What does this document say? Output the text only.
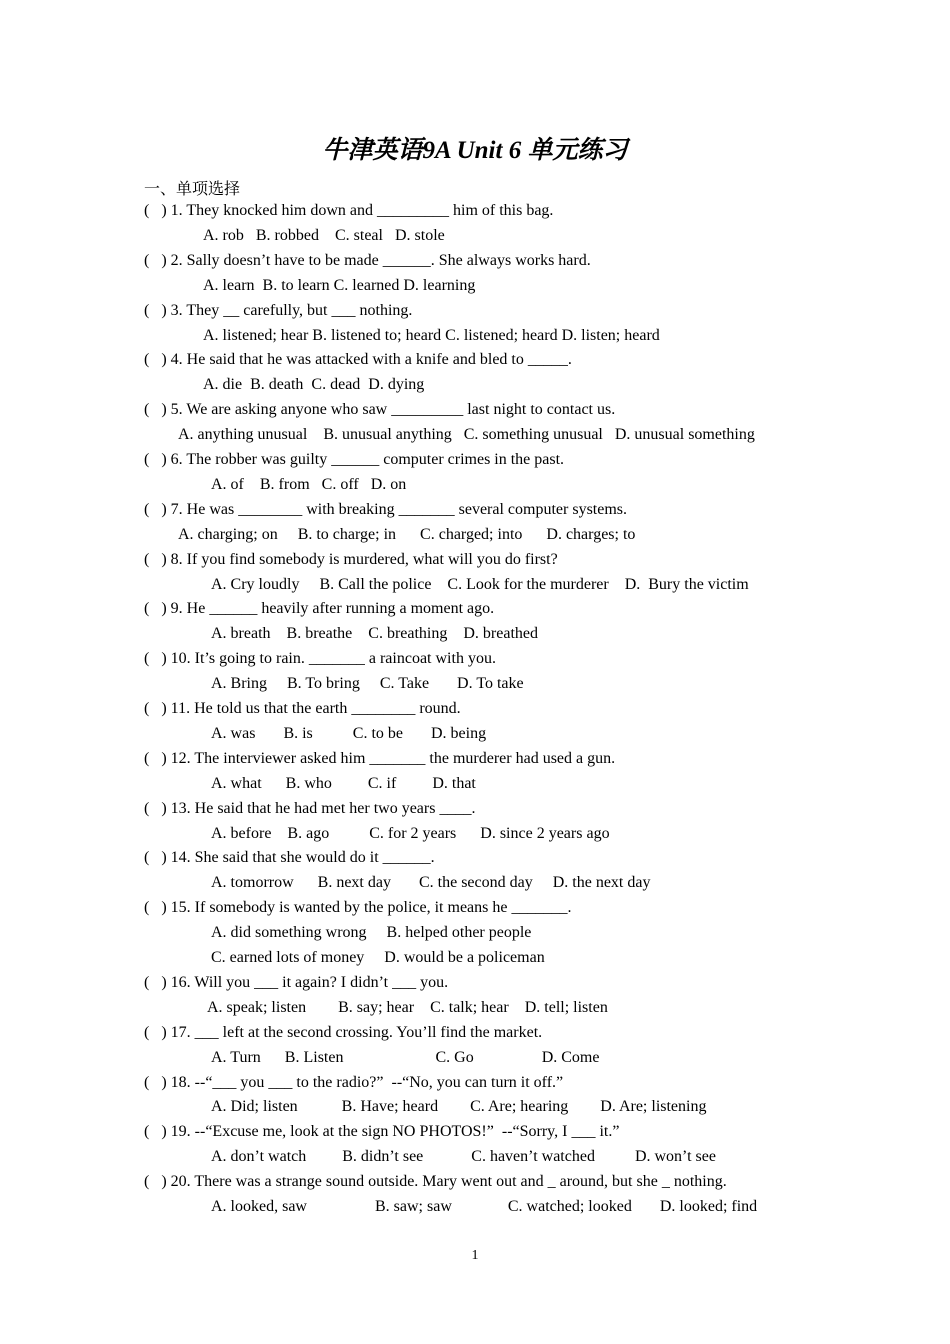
牛津英语9A Unit 6 单元练习
一、单项选择
(   ) 1. They knocked him down and _________ him of this bag.
A. rob   B. robbed    C. steal   D. stole
(   ) 2. Sally doesn’t have to be made ______. She always works hard.
A. learn  B. to learn C. learned D. learning
(   ) 3. They __ carefully, but ___ nothing.
A. listened; hear B. listened to; heard C. listened; heard D. listen; heard
(   ) 4. He said that he was attacked with a knife and bled to _____.
A. die  B. death  C. dead  D. dying
(   ) 5. We are asking anyone who saw _________ last night to contact us.
A. anything unusual    B. unusual anything   C. something unusual   D. unusual something
(   ) 6. The robber was guilty ______ computer crimes in the past.
A. of    B. from   C. off   D. on
(   ) 7. He was ________ with breaking _______ several computer systems.
A. charging; on     B. to charge; in      C. charged; into      D. charges; to
(   ) 8. If you find somebody is murdered, what will you do first?
A. Cry loudly     B. Call the police    C. Look for the murderer    D.  Bury the victim
(   ) 9. He ______ heavily after running a moment ago.
A. breath    B. breathe    C. breathing    D. breathed
(   ) 10. It’s going to rain. _______ a raincoat with you.
A. Bring     B. To bring     C. Take       D. To take
(   ) 11. He told us that the earth ________ round.
A. was       B. is          C. to be       D. being
(   ) 12. The interviewer asked him _______ the murderer had used a gun.
A. what      B. who         C. if         D. that
(   ) 13. He said that he had met her two years ____.
A. before    B. ago          C. for 2 years      D. since 2 years ago
(   ) 14. She said that she would do it ______.
A. tomorrow      B. next day       C. the second day     D. the next day
(   ) 15. If somebody is wanted by the police, it means he _______.
A. did something wrong     B. helped other people
C. earned lots of money     D. would be a policeman
(   ) 16. Will you ___ it again? I didn’t ___ you.
A. speak; listen        B. say; hear    C. talk; hear    D. tell; listen
(   ) 17. ___ left at the second crossing. You’ll find the market.
A. Turn      B. Listen                       C. Go                 D. Come
(   ) 18. --“___ you ___ to the radio?”  --“No, you can turn it off.”
A. Did; listen           B. Have; heard        C. Are; hearing        D. Are; listening
(   ) 19. --“Excuse me, look at the sign NO PHOTOS!”  --“Sorry, I ___ it.”
A. don’t watch         B. didn’t see            C. haven’t watched          D. won’t see
(   ) 20. There was a strange sound outside. Mary went out and _ around, but she _ nothing.
A. looked, saw                 B. saw; saw              C. watched; looked       D. looked; find
1
